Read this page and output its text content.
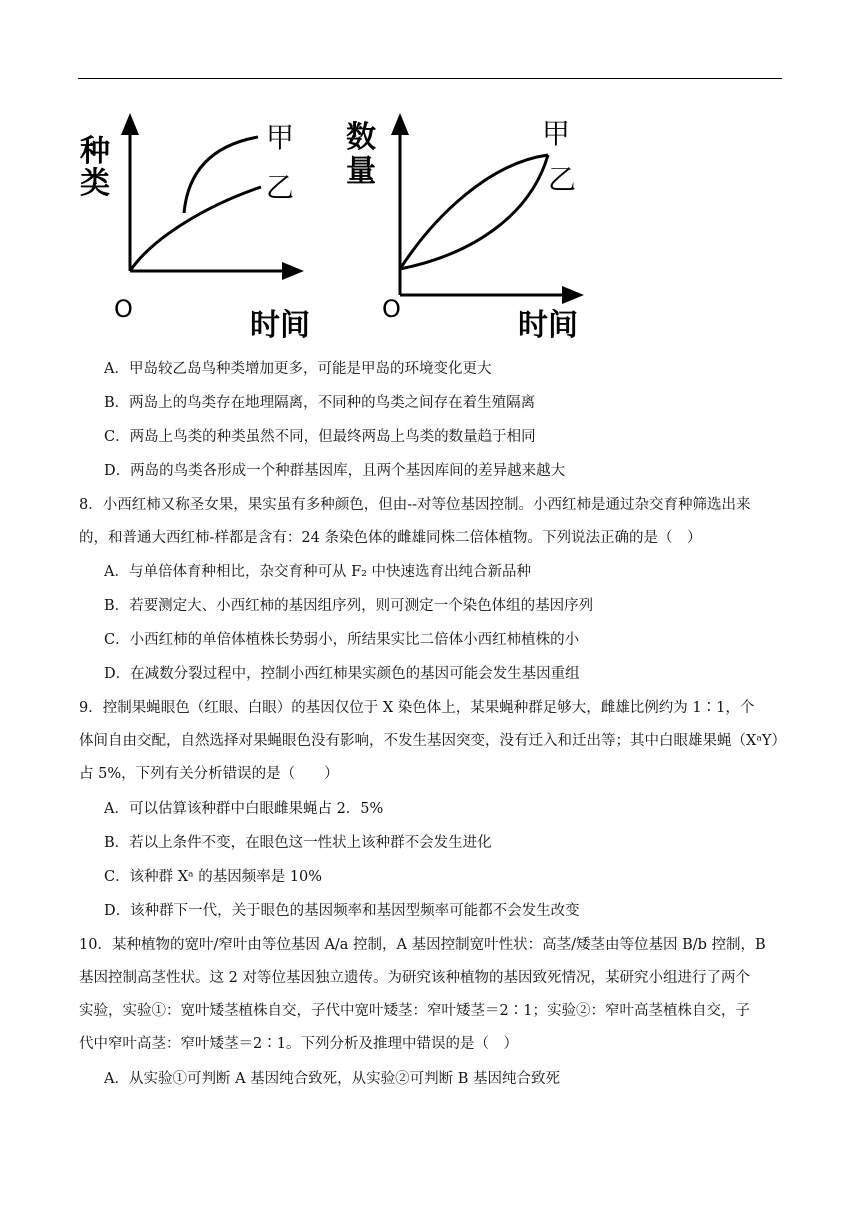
种
类
O	时间
甲
乙
数
量
O	时间
甲
乙
A．甲岛较乙岛鸟种类增加更多，可能是甲岛的环境变化更大
B．两岛上的鸟类存在地理隔离，不同种的鸟类之间存在着生殖隔离
C．两岛上鸟类的种类虽然不同，但最终两岛上鸟类的数量趋于相同
D．两岛的鸟类各形成一个种群基因库，且两个基因库间的差异越来越大
8．小西红柿又称圣女果，果实虽有多种颜色，但由--对等位基因控制。小西红柿是通过杂交育种筛选出来
的，和普通大西红柿-样都是含有：24 条染色体的雌雄同株二倍体植物。下列说法正确的是（　）
A．与单倍体育种相比，杂交育种可从 F₂ 中快速选育出纯合新品种
B．若要测定大、小西红柿的基因组序列，则可测定一个染色体组的基因序列
C．小西红柿的单倍体植株长势弱小，所结果实比二倍体小西红柿植株的小
D．在减数分裂过程中，控制小西红柿果实颜色的基因可能会发生基因重组
9．控制果蝇眼色（红眼、白眼）的基因仅位于 X 染色体上，某果蝇种群足够大，雌雄比例约为 1∶1，个
体间自由交配，自然选择对果蝇眼色没有影响，不发生基因突变，没有迁入和迁出等；其中白眼雄果蝇（XᵃY）
占 5%，下列有关分析错误的是（　　）
A．可以估算该种群中白眼雌果蝇占 2．5%
B．若以上条件不变，在眼色这一性状上该种群不会发生进化
C．该种群 Xᵃ 的基因频率是 10%
D．该种群下一代，关于眼色的基因频率和基因型频率可能都不会发生改变
10．某种植物的宽叶/窄叶由等位基因 A/a 控制，A 基因控制宽叶性状：高茎/矮茎由等位基因 B/b 控制，B
基因控制高茎性状。这 2 对等位基因独立遗传。为研究该种植物的基因致死情况，某研究小组进行了两个
实验，实验①：宽叶矮茎植株自交，子代中宽叶矮茎：窄叶矮茎＝2∶1；实验②：窄叶高茎植株自交，子
代中窄叶高茎：窄叶矮茎＝2∶1。下列分析及推理中错误的是（　）
A．从实验①可判断 A 基因纯合致死，从实验②可判断 B 基因纯合致死
